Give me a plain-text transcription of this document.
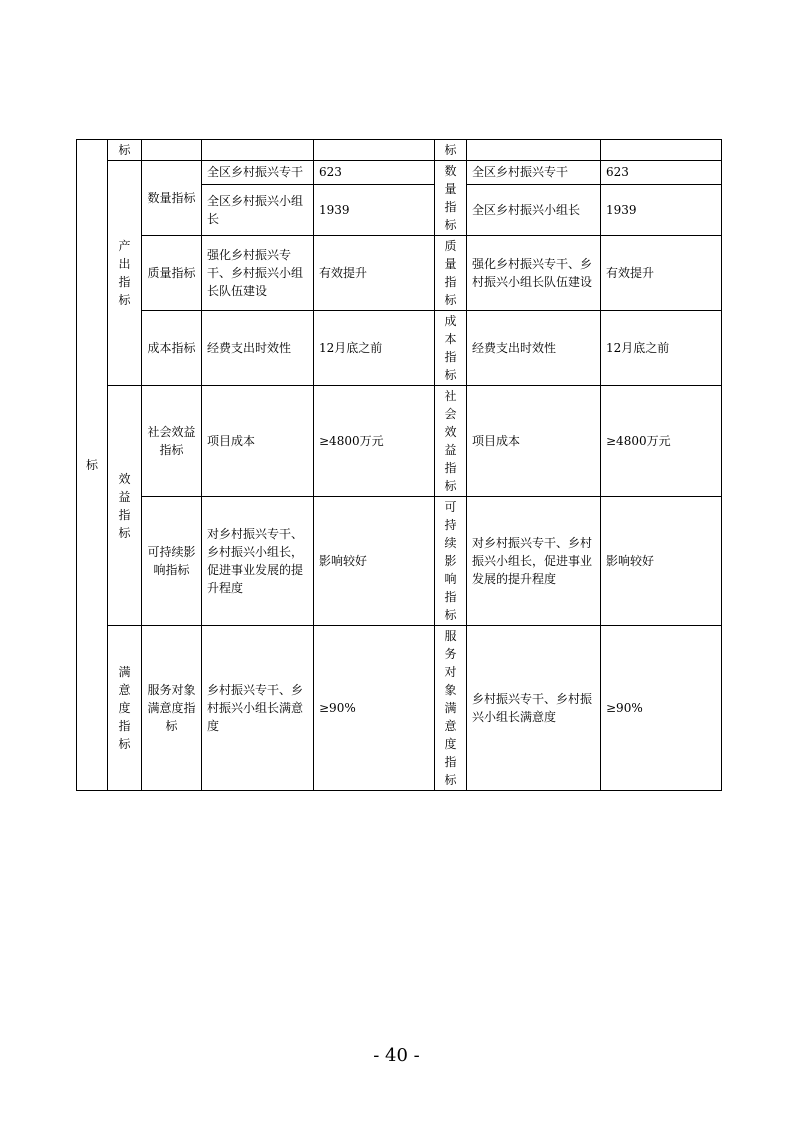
标	标				标		

	产出指标	数量指标	全区乡村振兴专干	623	数量指标	全区乡村振兴专干	623
			全区乡村振兴小组长	1939		全区乡村振兴小组长	1939
		质量指标	强化乡村振兴专干、乡村振兴小组长队伍建设	有效提升	质量指标	强化乡村振兴专干、乡村振兴小组长队伍建设	有效提升
		成本指标	经费支出时效性	12月底之前	成本指标	经费支出时效性	12月底之前

	效益指标	社会效益指标	项目成本	≥4800万元	社会效益指标	项目成本	≥4800万元
		可持续影响指标	对乡村振兴专干、乡村振兴小组长，促进事业发展的提升程度	影响较好	可持续影响指标	对乡村振兴专干、乡村振兴小组长，促进事业发展的提升程度	影响较好

	满意度指标	服务对象满意度指标	乡村振兴专干、乡村振兴小组长满意度	≥90%	服务对象满意度指标	乡村振兴专干、乡村振兴小组长满意度	≥90%
- 40 -
